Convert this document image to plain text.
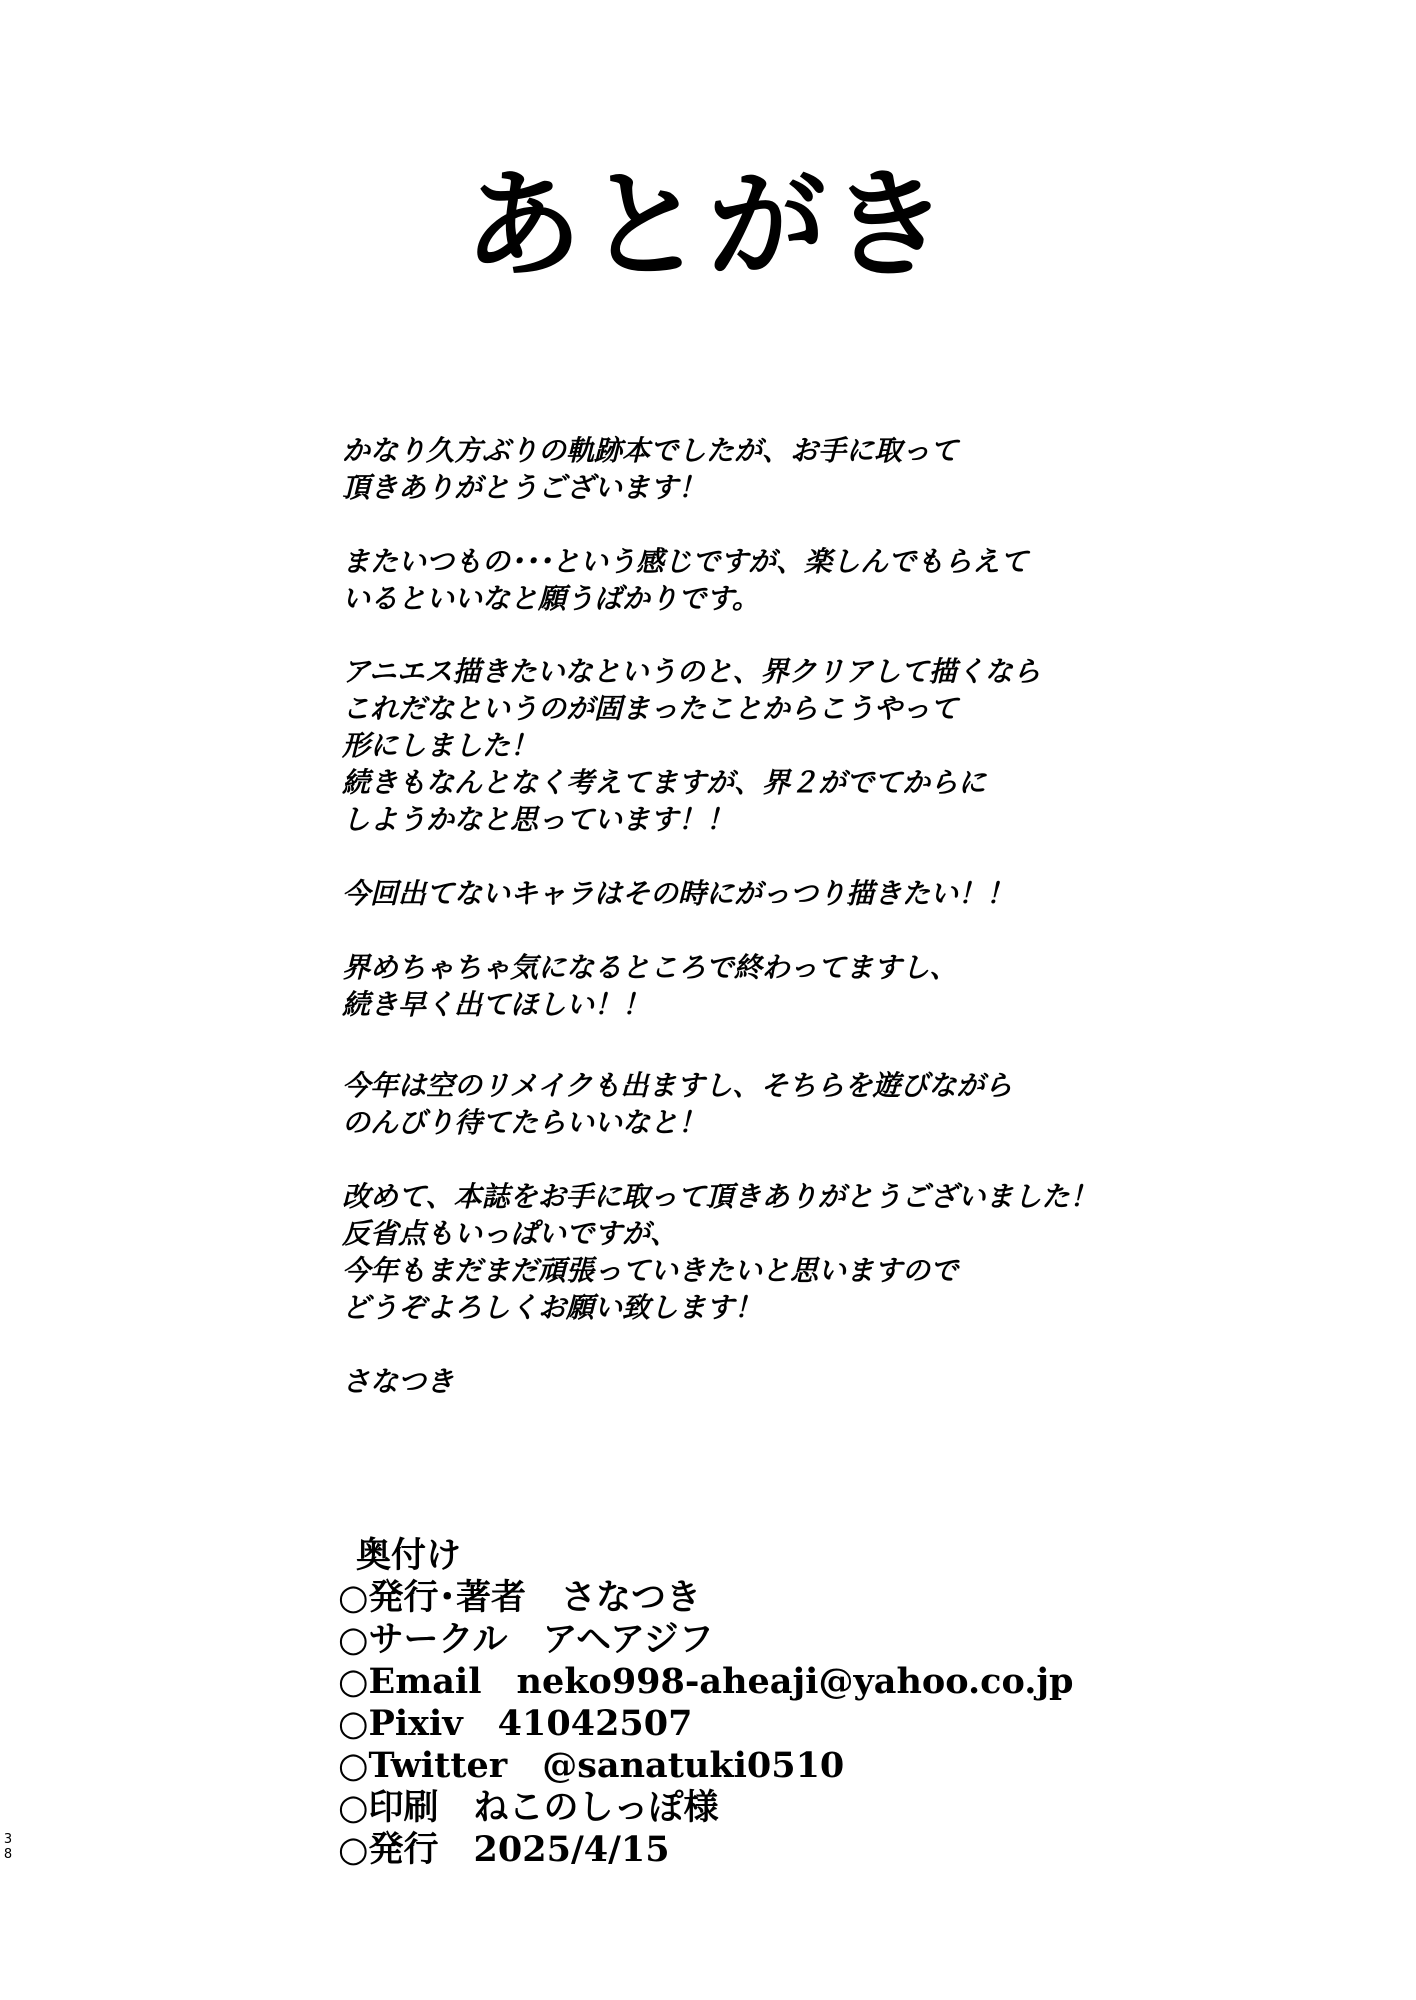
あとがき

かなり久方ぶりの軌跡本でしたが、お手に取って
頂きありがとうございます！

またいつもの･･･という感じですが、楽しんでもらえて
いるといいなと願うばかりです。

アニエス描きたいなというのと、界クリアして描くなら
これだなというのが固まったことからこうやって
形にしました！
続きもなんとなく考えてますが、界２がでてからに
しようかなと思っています！！

今回出てないキャラはその時にがっつり描きたい！！

界めちゃちゃ気になるところで終わってますし、
続き早く出てほしい！！

今年は空のリメイクも出ますし、そちらを遊びながら
のんびり待てたらいいなと！

改めて、本誌をお手に取って頂きありがとうございました！
反省点もいっぱいですが、
今年もまだまだ頑張っていきたいと思いますので
どうぞよろしくお願い致します！

さなつき

奥付け
○発行･著者　さなつき
○サークル　アヘアジフ
○Email　neko998-aheaji@yahoo.co.jp
○Pixiv　41042507
○Twitter　@sanatuki0510
○印刷　ねこのしっぽ様
○発行　2025/4/15
38
